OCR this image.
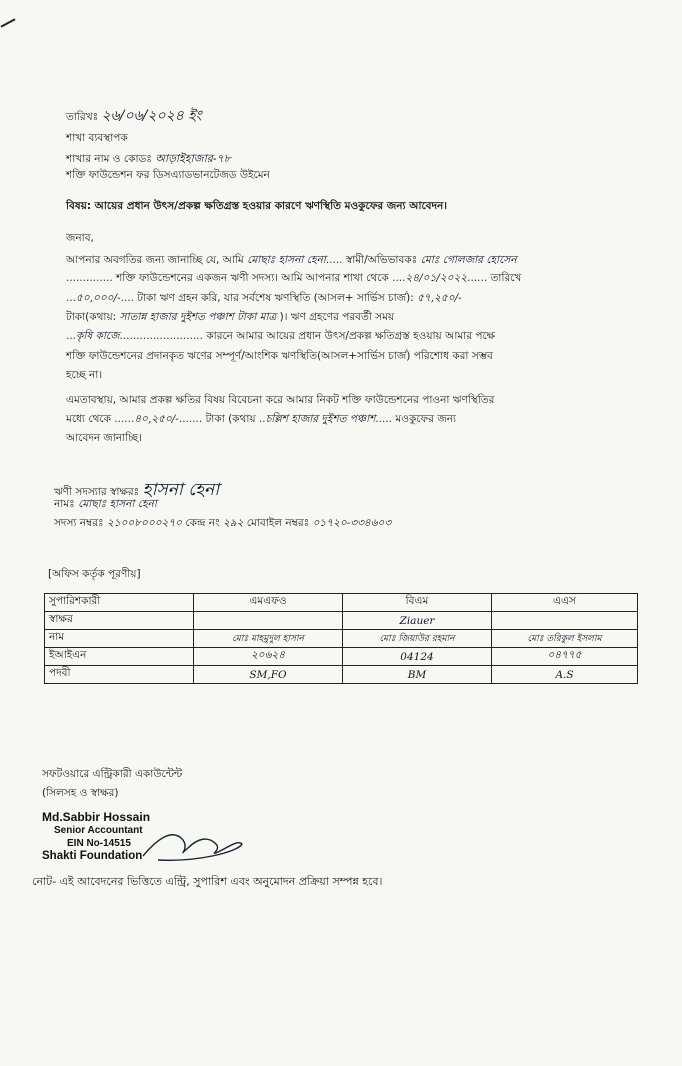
তারিখঃ ২৬/০৬/২০২৪ ইং
শাখা ব্যবস্থাপক
শাখার নাম ও কোডঃ আড়াইহাজার-৭৮
শক্তি ফাউন্ডেশন ফর ডিসএ্যাডভানটেজড উইমেন
বিষয়: আয়ের প্রধান উৎস/প্রকল্প ক্ষতিগ্রস্ত হওয়ার কারণে ঋণস্থিতি মওকুফের জন্য আবেদন।
জনাব,
আপনার অবগতির জন্য জানাচ্ছি যে, আমি মোছাঃ হাসনা হেনা..... স্বামী/অভিভাবকঃ মোঃ গোলজার হোসেন
.............. শক্তি ফাউন্ডেশনের একজন ঋণী সদস্য। আমি আপনার শাখা থেকে ....২৪/০১/২০২২...... তারিখে
...৫০,০০০/-.... টাকা ঋণ গ্রহন করি, যার সর্বশেষ ঋণস্থিতি (আসল+ সার্ভিস চার্জ): ৫৭,২৫০/-
টাকা(কথায়: সাতান্ন হাজার দুইশত পঞ্চাশ টাকা মাত্র )। ঋণ গ্রহণের পরবর্তী সময়
...কৃষি কাজে......................... কারনে আমার আয়ের প্রধান উৎস/প্রকল্প ক্ষতিগ্রস্ত হওয়ায় আমার পক্ষে
শক্তি ফাউন্ডেশনের প্রদানকৃত ঋণের সম্পূর্ণ/আংশিক ঋণস্থিতি(আসল+সার্ভিস চার্জ) পরিশোধ করা সম্ভব
হচ্ছে না।
এমতাবস্থায়, আমার প্রকল্প ক্ষতির বিষয় বিবেচনা করে আমার নিকট শক্তি ফাউন্ডেশনের পাওনা ঋণস্থিতির
মধ্যে থেকে ......৪০,২৫০/-....... টাকা (কথায় ..চল্লিশ হাজার দুইশত পঞ্চাশ..... মওকুফের জন্য
আবেদন জানাচ্ছি।
ঋণী সদস্যার স্বাক্ষরঃ হাসনা হেনা
নামঃ মোছাঃ হাসনা হেনা
সদস্য নম্বরঃ ২১০০৮০০০২৭০ কেন্দ্র নং ২৯২ মোবাইল নম্বরঃ ০১৭২০-৩৩৪৬০৩
[অফিস কর্তৃক পূরণীয়]
সুপারিশকারী	এমএফও	বিএম	এএস
স্বাক্ষর		Ziauer	
নাম	মোঃ মাহমুদুল হাসান	মোঃ জিয়াউর রহমান	মোঃ তরিকুল ইসলাম
ইআইএন	২০৬২৪	04124	০৪৭৭৫
পদবী	SM,FO	BM	A.S
সফটওয়ারে এন্ট্রিকারী একাউন্টেন্ট
(সিলসহ ও স্বাক্ষর)
Md.Sabbir Hossain
Senior Accountant
EIN No-14515
Shakti Foundation
নোট- এই আবেদনের ভিত্তিতে এন্ট্রি, সুপারিশ এবং অনুমোদন প্রক্রিয়া সম্পন্ন হবে।
